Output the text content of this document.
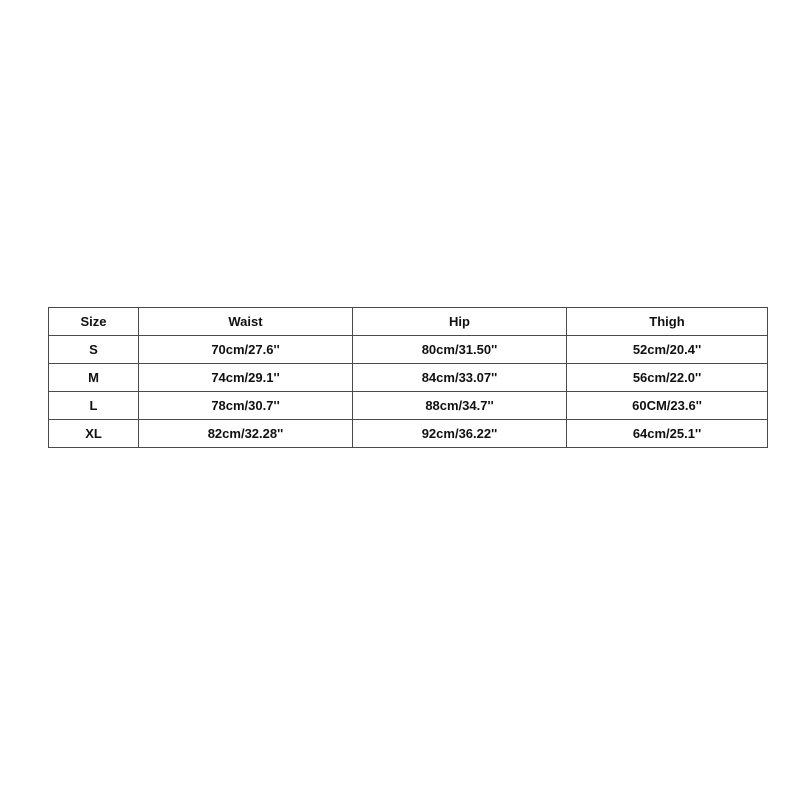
Size	Waist	Hip	Thigh
S	70cm/27.6''	80cm/31.50''	52cm/20.4''
M	74cm/29.1''	84cm/33.07''	56cm/22.0''
L	78cm/30.7''	88cm/34.7''	60CM/23.6''
XL	82cm/32.28''	92cm/36.22''	64cm/25.1''
